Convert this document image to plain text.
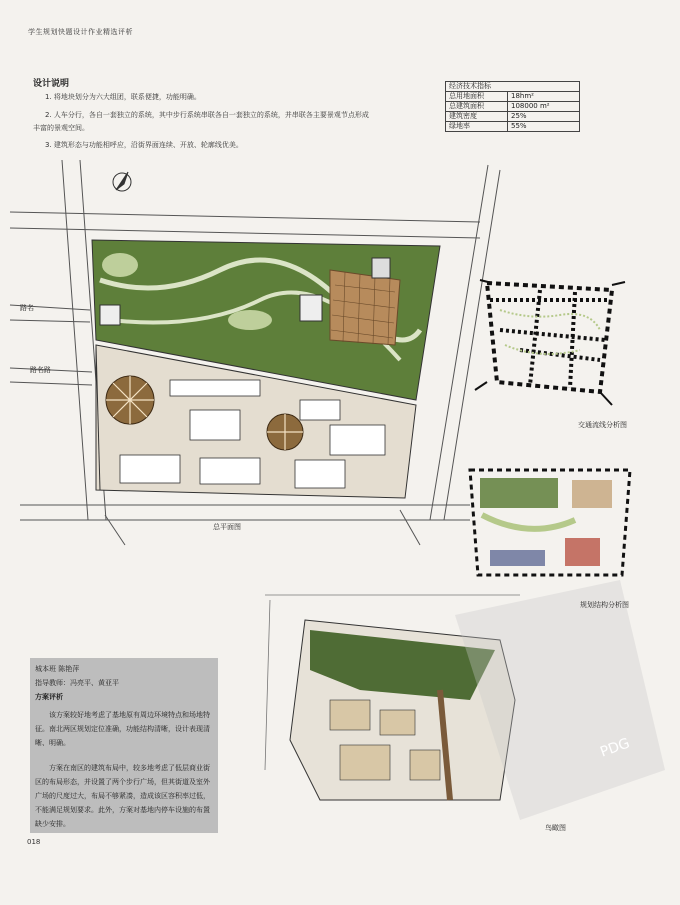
学生规划快题设计作业精选评析
设计说明
1. 将地块划分为六大组团，联系便捷，功能明确。
2. 人车分行，各自一套独立的系统，其中步行系统串联各自一套独立的系统，并串联各主要景观节点形成
丰富的景观空间。
3. 建筑形态与功能相呼应，沿街界面连续、开放、轮廓线优美。
经济技术指标	
总用地面积	18hm²
总建筑面积	108000 m²
建筑密度	25%
绿地率	55%
路名
路名路
总平面图
交通流线分析图
规划结构分析图
鸟瞰图
城本班 陈艳萍
指导教师：冯亮平、黄亚平
方案评析
该方案较好地考虑了基地原有周边环境特点和场地特征。南北两区规划定位准确，功能结构清晰，设计表现清晰、明确。
方案在南区的建筑布局中，较多地考虑了低层商业街区的布局形态，并设置了两个步行广场，但其街道及室外广场的尺度过大，布局不够紧凑，造成该区容积率过低，不能满足规划要求。此外，方案对基地内停车设施的布置缺少安排。
PDG
018
